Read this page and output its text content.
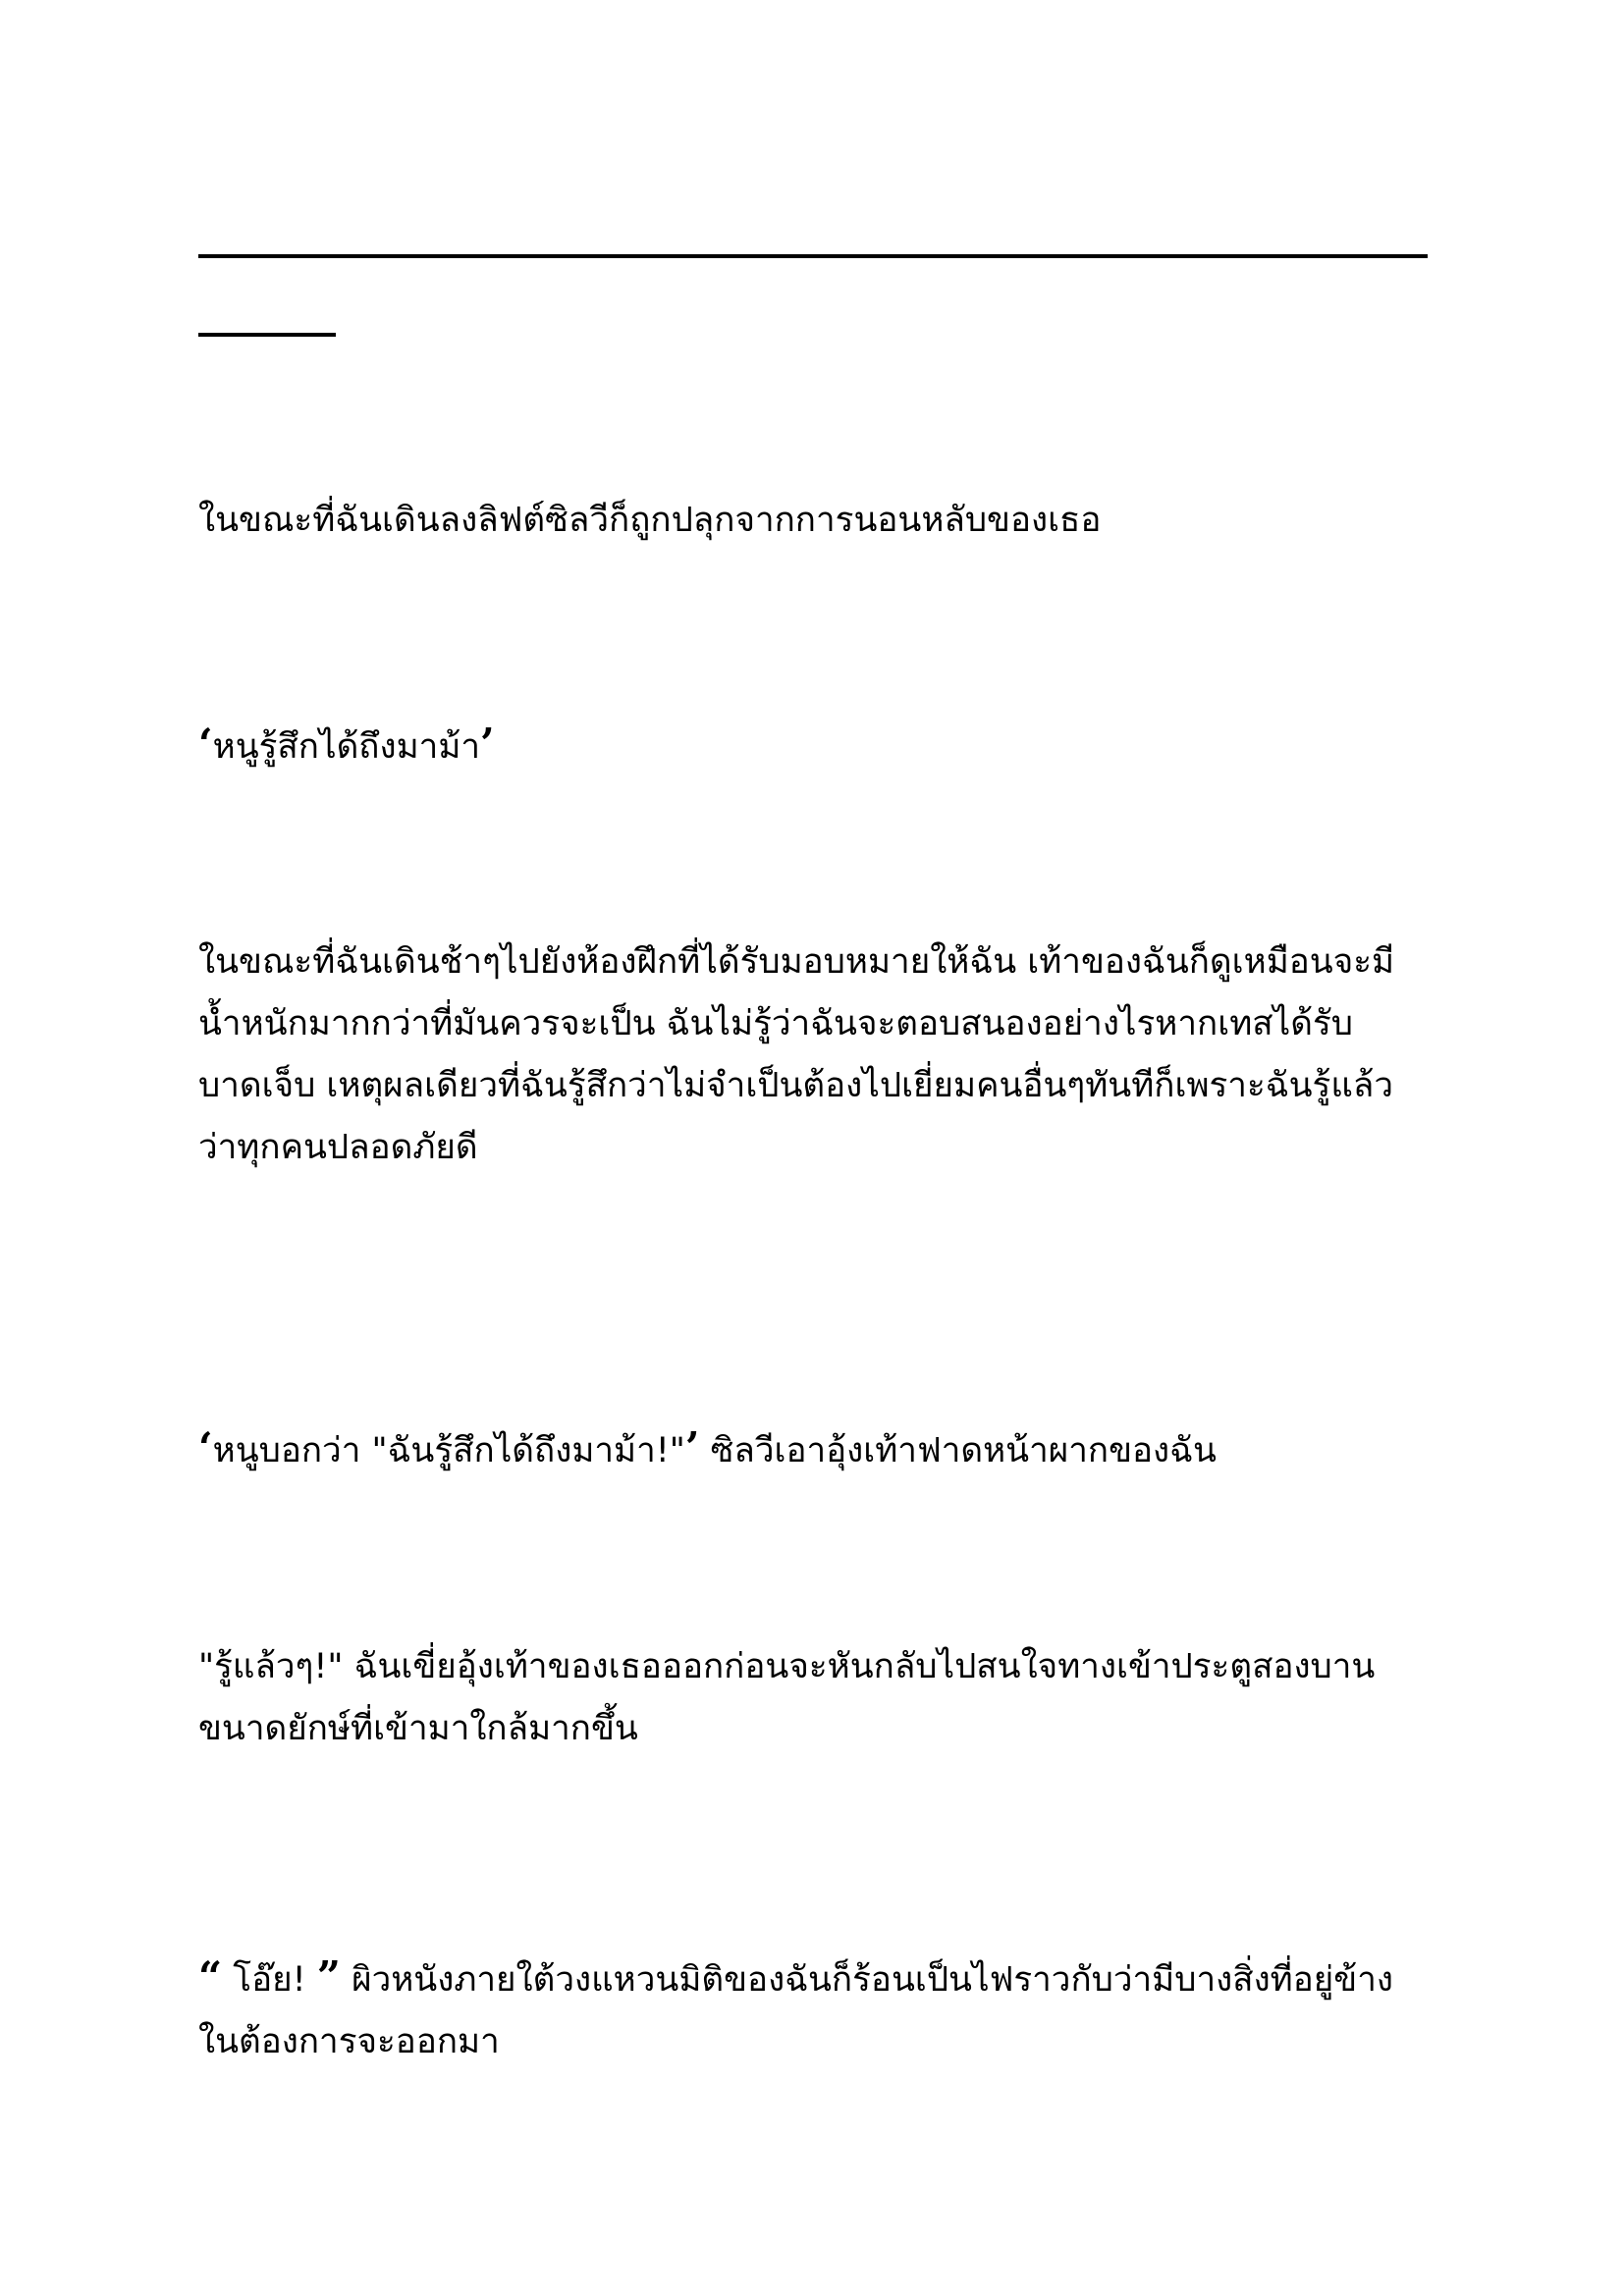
ในขณะที่ฉันเดินลงลิฟต์ซิลวีก็ถูกปลุกจากการนอนหลับของเธอ

‘หนูรู้สึกได้ถึงมาม้า’

ในขณะที่ฉันเดินช้าๆไปยังห้องฝึกที่ได้รับมอบหมายให้ฉัน เท้าของฉันก็ดูเหมือนจะมี
น้ำหนักมากกว่าที่มันควรจะเป็น ฉันไม่รู้ว่าฉันจะตอบสนองอย่างไรหากเทสได้รับ
บาดเจ็บ เหตุผลเดียวที่ฉันรู้สึกว่าไม่จำเป็นต้องไปเยี่ยมคนอื่นๆทันทีก็เพราะฉันรู้แล้ว
ว่าทุกคนปลอดภัยดี

‘หนูบอกว่า "ฉันรู้สึกได้ถึงมาม้า!"’ ซิลวีเอาอุ้งเท้าฟาดหน้าผากของฉัน

"รู้แล้วๆ!" ฉันเขี่ยอุ้งเท้าของเธอออกก่อนจะหันกลับไปสนใจทางเข้าประตูสองบาน
ขนาดยักษ์ที่เข้ามาใกล้มากขึ้น

“ โอ๊ย! ” ผิวหนังภายใต้วงแหวนมิติของฉันก็ร้อนเป็นไฟราวกับว่ามีบางสิ่งที่อยู่ข้าง
ในต้องการจะออกมา
